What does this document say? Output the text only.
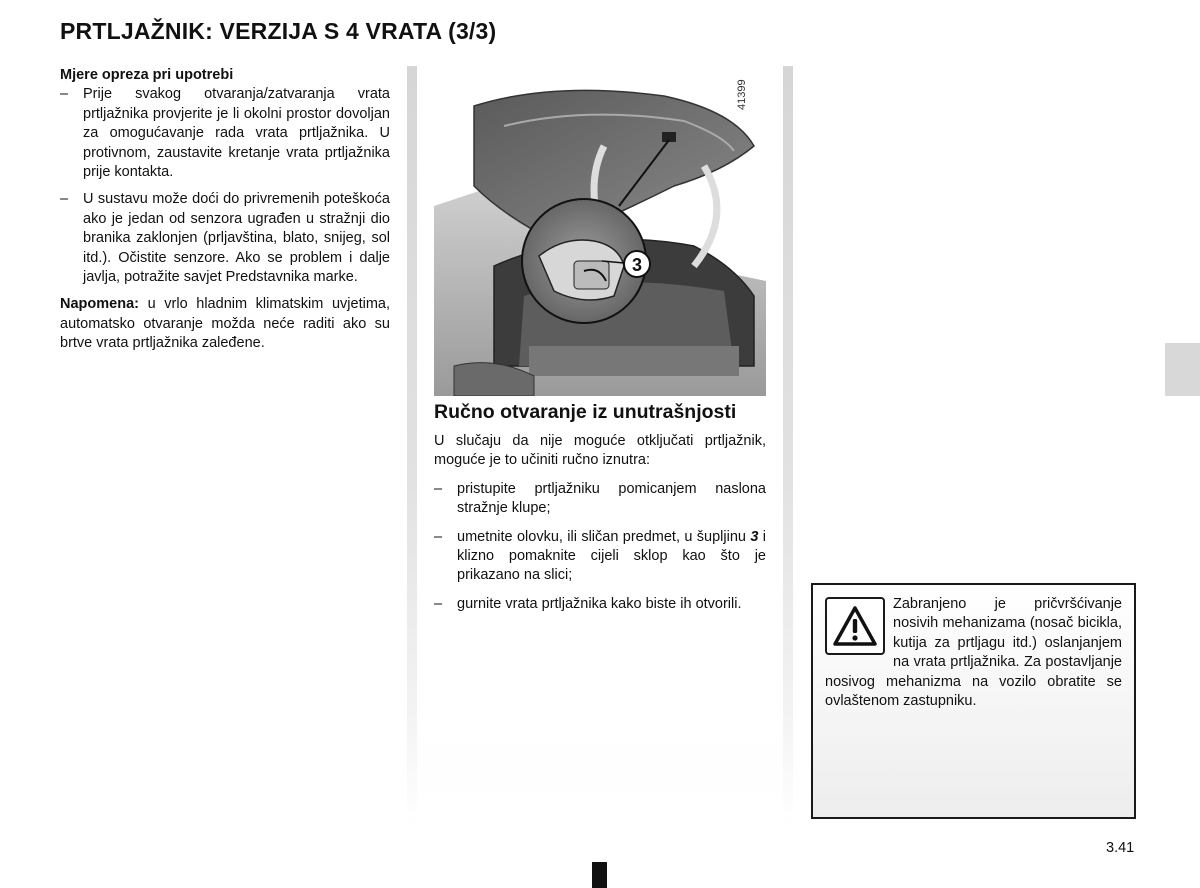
PRTLJAŽNIK: VERZIJA S 4 VRATA (3/3)
Mjere opreza pri upotrebi
– Prije svakog otvaranja/zatvaranja vrata prtljažnika provjerite je li okolni prostor dovoljan za omogućavanje rada vrata prtljažnika. U protivnom, zaustavite kretanje vrata prtljažnika prije kontakta.
– U sustavu može doći do privremenih poteškoća ako je jedan od senzora ugrađen u stražnji dio branika zaklonjen (prljavština, blato, snijeg, sol itd.). Očistite senzore. Ako se problem i dalje javlja, potražite savjet Predstavnika marke.

Napomena: u vrlo hladnim klimatskim uvjetima, automatsko otvaranje možda neće raditi ako su brtve vrata prtljažnika zaleđene.

3
41399
Ručno otvaranje iz unutrašnjosti

U slučaju da nije moguće otključati prtljažnik, moguće je to učiniti ručno iznutra:

– pristupite prtljažniku pomicanjem naslona stražnje klupe;
– umetnite olovku, ili sličan predmet, u šupljinu 3 i klizno pomaknite cijeli sklop kao što je prikazano na slici;
– gurnite vrata prtljažnika kako biste ih otvorili.	Zabranjeno je pričvršćivanje nosivih mehanizama (nosač bicikla, kutija za prtljagu itd.) oslanjanjem na vrata prtljažnika. Za postavljanje nosivog mehanizma na vozilo obratite se ovlaštenom zastupniku.
3.41
